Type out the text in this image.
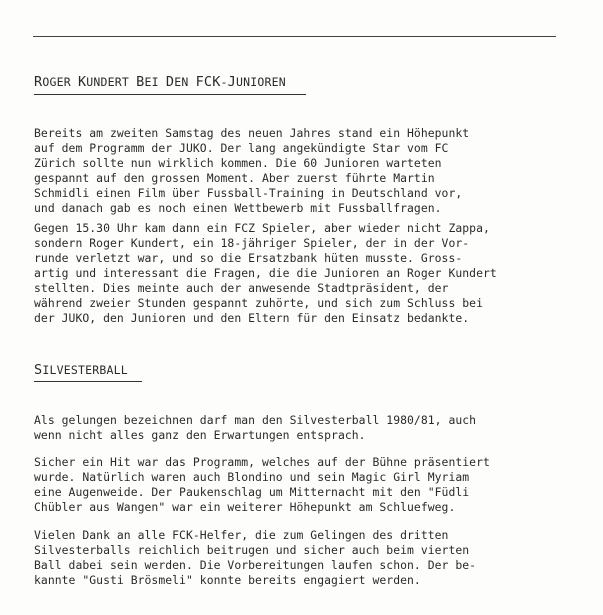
ROGER KUNDERT BEI DEN FCK-JUNIOREN

Bereits am zweiten Samstag des neuen Jahres stand ein Höhepunkt
auf dem Programm der JUKO. Der lang angekündigte Star vom FC
Zürich sollte nun wirklich kommen. Die 60 Junioren warteten
gespannt auf den grossen Moment. Aber zuerst führte Martin
Schmidli einen Film über Fussball-Training in Deutschland vor,
und danach gab es noch einen Wettbewerb mit Fussballfragen.

Gegen 15.30 Uhr kam dann ein FCZ Spieler, aber wieder nicht Zappa,
sondern Roger Kundert, ein 18-jähriger Spieler, der in der Vor-
runde verletzt war, und so die Ersatzbank hüten musste. Gross-
artig und interessant die Fragen, die die Junioren an Roger Kundert
stellten. Dies meinte auch der anwesende Stadtpräsident, der
während zweier Stunden gespannt zuhörte, und sich zum Schluss bei
der JUKO, den Junioren und den Eltern für den Einsatz bedankte.

SILVESTERBALL

Als gelungen bezeichnen darf man den Silvesterball 1980/81, auch
wenn nicht alles ganz den Erwartungen entsprach.

Sicher ein Hit war das Programm, welches auf der Bühne präsentiert
wurde. Natürlich waren auch Blondino und sein Magic Girl Myriam
eine Augenweide. Der Paukenschlag um Mitternacht mit den "Füdli
Chübler aus Wangen" war ein weiterer Höhepunkt am Schluefweg.

Vielen Dank an alle FCK-Helfer, die zum Gelingen des dritten
Silvesterballs reichlich beitrugen und sicher auch beim vierten
Ball dabei sein werden. Die Vorbereitungen laufen schon. Der be-
kannte "Gusti Brösmeli" konnte bereits engagiert werden.
